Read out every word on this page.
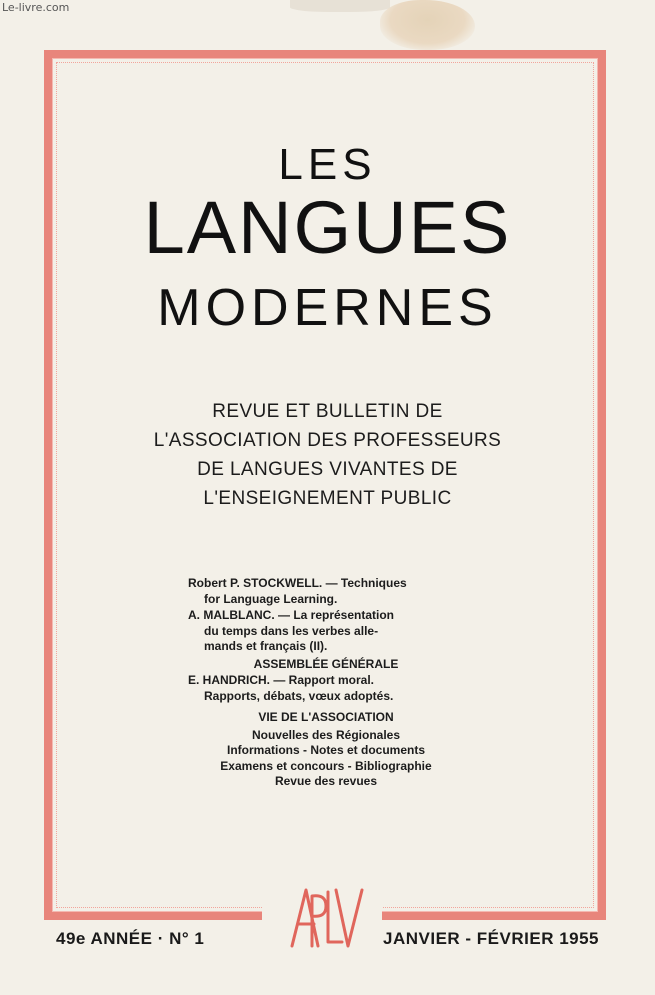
Le-livre.com
LES
LANGUES
MODERNES
REVUE ET BULLETIN DE
L'ASSOCIATION DES PROFESSEURS
DE LANGUES VIVANTES DE
L'ENSEIGNEMENT PUBLIC
Robert P. STOCKWELL. — Techniques
for Language Learning.
A. MALBLANC. — La représentation
du temps dans les verbes alle-
mands et français (II).
ASSEMBLÉE GÉNÉRALE
E. HANDRICH. — Rapport moral.
Rapports, débats, vœux adoptés.
VIE DE L'ASSOCIATION
Nouvelles des Régionales
Informations - Notes et documents
Examens et concours - Bibliographie
Revue des revues
49e ANNÉE · N° 1	JANVIER - FÉVRIER 1955
